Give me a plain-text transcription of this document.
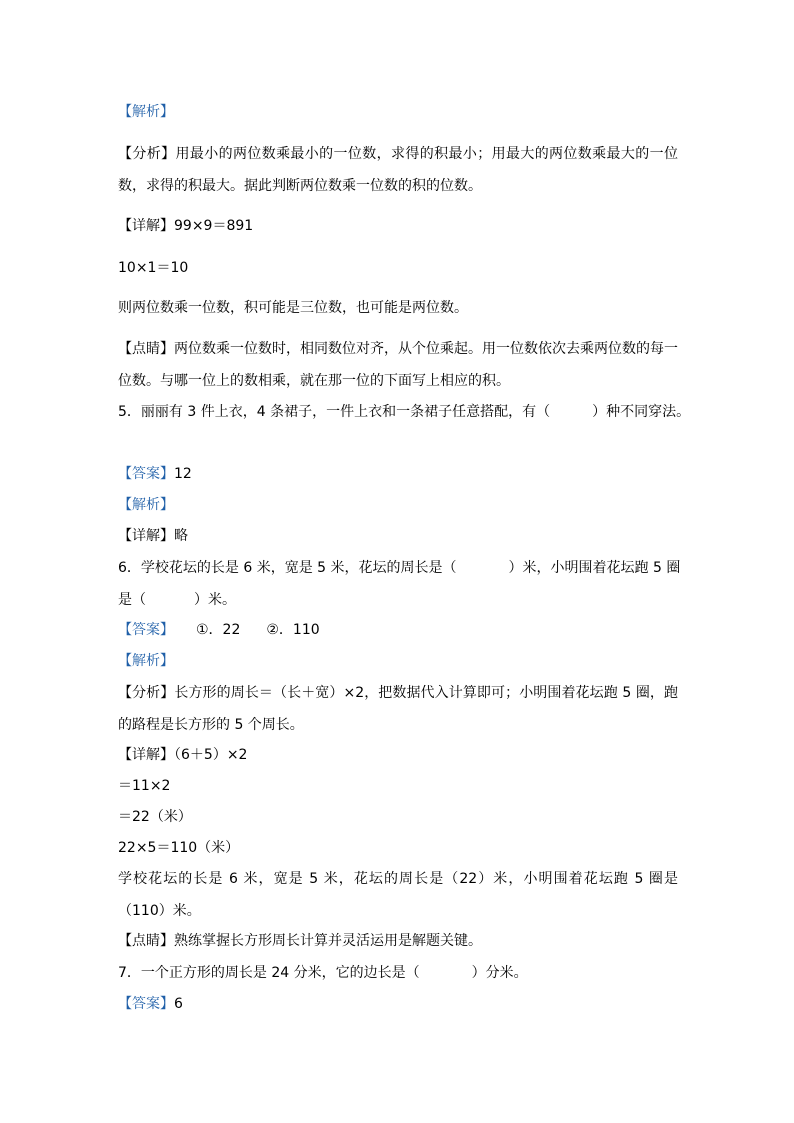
【解析】
【分析】用最小的两位数乘最小的一位数，求得的积最小；用最大的两位数乘最大的一位数，求得的积最大。据此判断两位数乘一位数的积的位数。
【详解】99×9＝891
10×1＝10
则两位数乘一位数，积可能是三位数，也可能是两位数。
【点睛】两位数乘一位数时，相同数位对齐，从个位乘起。用一位数依次去乘两位数的每一位数。与哪一位上的数相乘，就在那一位的下面写上相应的积。
5．丽丽有 3 件上衣，4 条裙子，一件上衣和一条裙子任意搭配，有（	）种不同穿法。
【答案】12
【解析】
【详解】略
6．学校花坛的长是 6 米，宽是 5 米，花坛的周长是（	）米，小明围着花坛跑 5 圈
是（	）米。
【答案】 ①．22 ②．110
【解析】
【分析】长方形的周长＝（长＋宽）×2，把数据代入计算即可；小明围着花坛跑 5 圈，跑的路程是长方形的 5 个周长。
【详解】（6＋5）×2
＝11×2
＝22（米）
22×5＝110（米）
学校花坛的长是 6 米，宽是 5 米，花坛的周长是（22）米，小明围着花坛跑 5 圈是（110）米。
【点睛】熟练掌握长方形周长计算并灵活运用是解题关键。
7．一个正方形的周长是 24 分米，它的边长是（	）分米。
【答案】6
